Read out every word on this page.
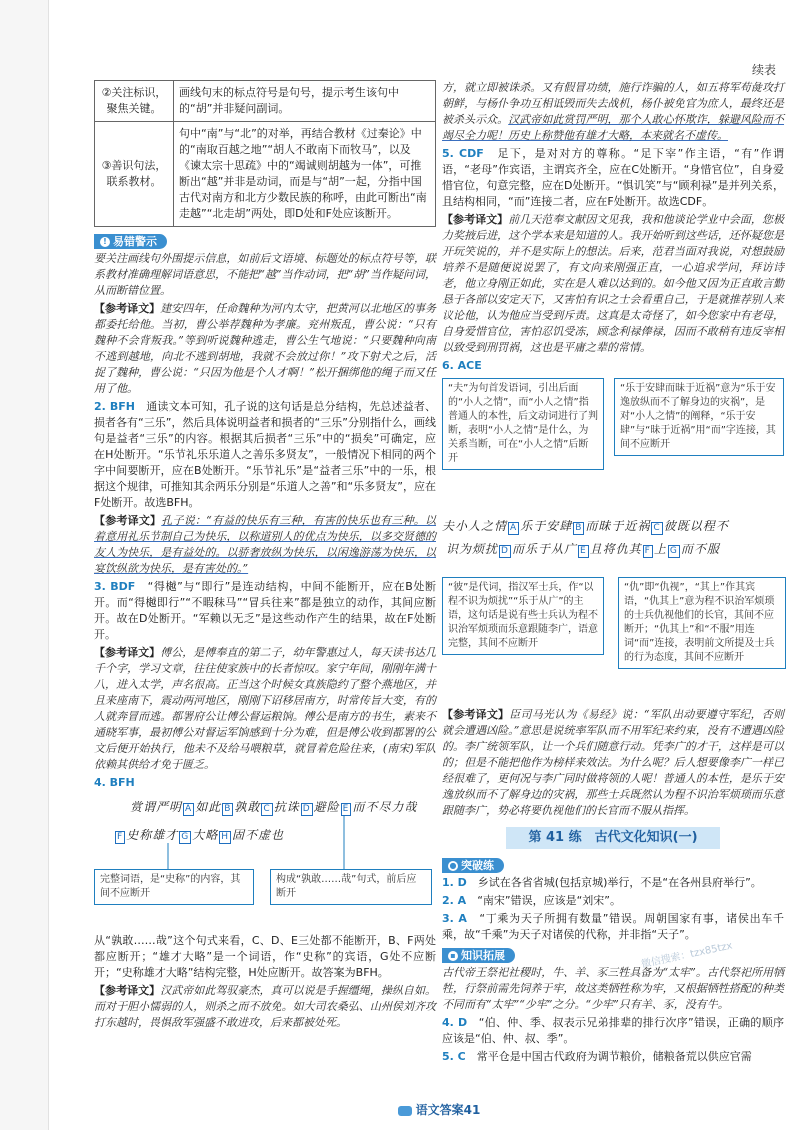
续表
②关注标识，
聚焦关键。	画线句末的标点符号是句号，提示考生该句中的“胡”并非疑问副词。
③善识句法，
联系教材。	句中“南”与“北”的对举，再结合教材《过秦论》中的“南取百越之地”“胡人不敢南下而牧马”，以及《谏太宗十思疏》中的“竭诚则胡越为一体”，可推断出“越”并非是动词，而是与“胡”一起，分指中国古代对南方和北方少数民族的称呼，由此可断出“南走越”“北走胡”两处，即D处和F处应该断开。
! 易错警示

要关注画线句外围提示信息，如前后文语境、标题处的标点符号等，联系教材准确理解词语意思，不能把“越”当作动词，把“胡”当作疑问词，从而断错位置。

【参考译文】建安四年，任命魏种为河内太守，把黄河以北地区的事务都委托给他。当初，曹公举荐魏种为孝廉。兖州叛乱，曹公说：“只有魏种不会背叛我。”等到听说魏种逃走，曹公生气地说：“只要魏种向南不逃到越地，向北不逃到胡地，我就不会放过你！”攻下射犬之后，活捉了魏种，曹公说：“只因为他是个人才啊！”松开捆绑他的绳子而又任用了他。

2. BFH　 通读文本可知，孔子说的这句话是总分结构，先总述益者、损者各有“三乐”，然后具体说明益者和损者的“三乐”分别指什么，画线句是益者“三乐”的内容。根据其后损者“三乐”中的“损矣”可确定，应在H处断开。“乐节礼乐乐道人之善乐多贤友”，一般情况下相同的两个字中间要断开，应在B处断开。“乐节礼乐”是“益者三乐”中的一乐，根据这个规律，可推知其余两乐分别是“乐道人之善”和“乐多贤友”，应在F处断开。故选BFH。

【参考译文】孔子说：“有益的快乐有三种，有害的快乐也有三种。以着意用礼乐节制自己为快乐，以称道别人的优点为快乐，以多交贤德的友人为快乐，是有益处的。以骄奢放纵为快乐，以闲逸游荡为快乐，以宴饮纵欲为快乐，是有害处的。”

3. BDF　 “得樾”与“即行”是连动结构，中间不能断开，应在B处断开。而“得樾即行”“不暇秣马”“冒兵往来”都是独立的动作，其间应断开。故在D处断开。“军赖以无乏”是这些动作产生的结果，故在F处断开。

【参考译文】傅公，是傅奉直的第二子，幼年警惠过人，每天读书达几千个字，学习文章，往往使家族中的长者惊叹。家宁年间，刚刚年满十八，进入太学，声名很高。正当这个时候女真族隐约了整个燕地区，并且来座南下，震动两河地区，刚刚下诏移居南方，时常传旨大变，有的人就奔冒而逃。都署府公让傅公督运粮饷。傅公是南方的书生，素来不通晓军事，最初傅公对督运军饷感到十分为难，但是傅公收到都署的公文后便开始执行，他未不及给马喂粮草，就冒着危险往来，(南宋)军队依赖其供给才免于匮乏。

4. BFH

赏谓严明 A 如此 B 孰敢 C 抗诛 D 避险 E 而不尽力哉
F 史称雄才 G 大略 H 固不虚也
完整词语，是“史称”的内容，其间不应断开
构成“孰敢……哉”句式，前后应断开

从“孰敢……哉”这个句式来看，C、D、E三处都不能断开，B、F两处都应断开；“雄才大略”是一个词语，作“史称”的宾语，G处不应断开；“史称雄才大略”结构完整，H处应断开。故答案为BFH。

【参考译文】汉武帝如此驾驭豪杰，真可以说是手握缰绳，操纵自如。而对于胆小懦弱的人，则杀之而不放免。如大司农桑弘、山州侯刘齐攻打东越时，畏惧敌军强盛不敢进攻，后来都被处死。

方，就立即被诛杀。又有假冒功绩，施行诈骗的人，如五将军苟彘攻打朝鲜，与杨仆争功互相诋毁而失去战机，杨仆被免官为庶人，最终还是被杀头示众。汉武帝如此赏罚严明，那个人敢心怀欺诈，躲避风险而不竭尽全力呢！历史上称赞他有雄才大略，本来就名不虚传。

5. CDF　 足下，是对对方的尊称。“足下宰”作主语，“有”作谓语，“老母”作宾语，主谓宾齐全，应在C处断开。“身惜官位”，自身爱惜官位，句意完整，应在D处断开。“惧讥笑”与“顾利禄”是并列关系，且结构相同，“而”连接二者，应在F处断开。故选CDF。

【参考译文】前几天范奉文献因文见我，我和他谈论学业中会面，您极力奖掖后进，这个学本来是知道的人。我开始听到这些话，还怀疑您是开玩笑说的，并不是实际上的想法。后来，范君当面对我说，对想鼓励培养不是随便说说罢了，有文向来刚强正直，一心追求学问，拜访诗老，他立身刚正如此，实在是人难以达到的。如今他又因为正直敢言勤恳于各部以安定天下，又害怕有识之士会看重自己，于是就推荐别人来议论他，认为他应当受到斥责。这真是太奇怪了，如今您家中有老母，自身爱惜官位，害怕忍饥受冻，顾念利禄俸禄，因而不敢稍有违反宰相以致受到刑罚祸，这也是平庸之辈的常情。

6. ACE

“夫”为句首发语词，引出后面的“小人之情”，而“小人之情”指普通人的本性，后文动词进行了判断，表明“小人之情”是什么，为关系当断，可在“小人之情”后断开
“乐于安肆而昧于近祸”意为“乐于安逸放纵而不了解身边的灾祸”，是对“小人之情”的阐释，“乐于安肆”与“昧于近祸”用“而”字连接，其间不应断开
夫小人之情 A 乐于安肆 B 而昧于近祸 C 彼既以程不
识为烦扰 D 而乐于从广 E 且将仇其 F 上 G 而不服
“彼”是代词，指汉军士兵，作“以程不识为烦扰”“乐于从广”的主语，这句话是说有些士兵认为程不识治军烦琐而乐意跟随李广，语意完整，其间不应断开
“仇”即“仇视”，“其上”作其宾语，“仇其上”意为程不识治军烦琐的士兵仇视他们的长官，其间不应断开；“仇其上”和“不服”用连词“而”连接，表明前文所提及士兵的行为态度，其间不应断开

【参考译文】臣司马光认为《易经》说：“军队出动要遵守军纪，否则就会遭遇凶险。”意思是说统率军队而不用军纪来约束，没有不遭遇凶险的。李广统领军队，让一个兵们随意行动。凭李广的才干，这样是可以的；但是不能把他作为榜样来效法。为什么呢？后人想要像李广一样已经很难了，更何况与李广同时做将领的人呢！普通人的本性，是乐于安逸放纵而不了解身边的灾祸，那些士兵既然认为程不识治军烦琐而乐意跟随李广，势必将要仇视他们的长官而不服从指挥。

第 41 练　古代文化知识(一)
● 突破练

1. D　 乡试在各省省城(包括京城)举行，不是“在各州县府举行”。

2. A　 “南宋”错误，应该是“刘宋”。

3. A　 “丁乘为天子所拥有数量”错误。周朝国家有事，诸侯出车千乘，故“千乘”为天子对诸侯的代称，并非指“天子”。

▪ 知识拓展

古代帝王祭祀社稷时，牛、羊、豕三牲具备为“太牢”。古代祭祀所用牺牲，行祭前需先饲养于牢，故这类牺牲称为牢，又根据牺牲搭配的种类不同而有“太牢”“少牢”之分。“少牢”只有羊、豕，没有牛。

4. D　 “伯、仲、季、叔表示兄弟排辈的排行次序”错误，正确的顺序应该是“伯、仲、叔、季”。

5. C　 常平仓是中国古代政府为调节粮价，储粮备荒以供应官需

语文答案41
微信搜索：tzx85tzx
